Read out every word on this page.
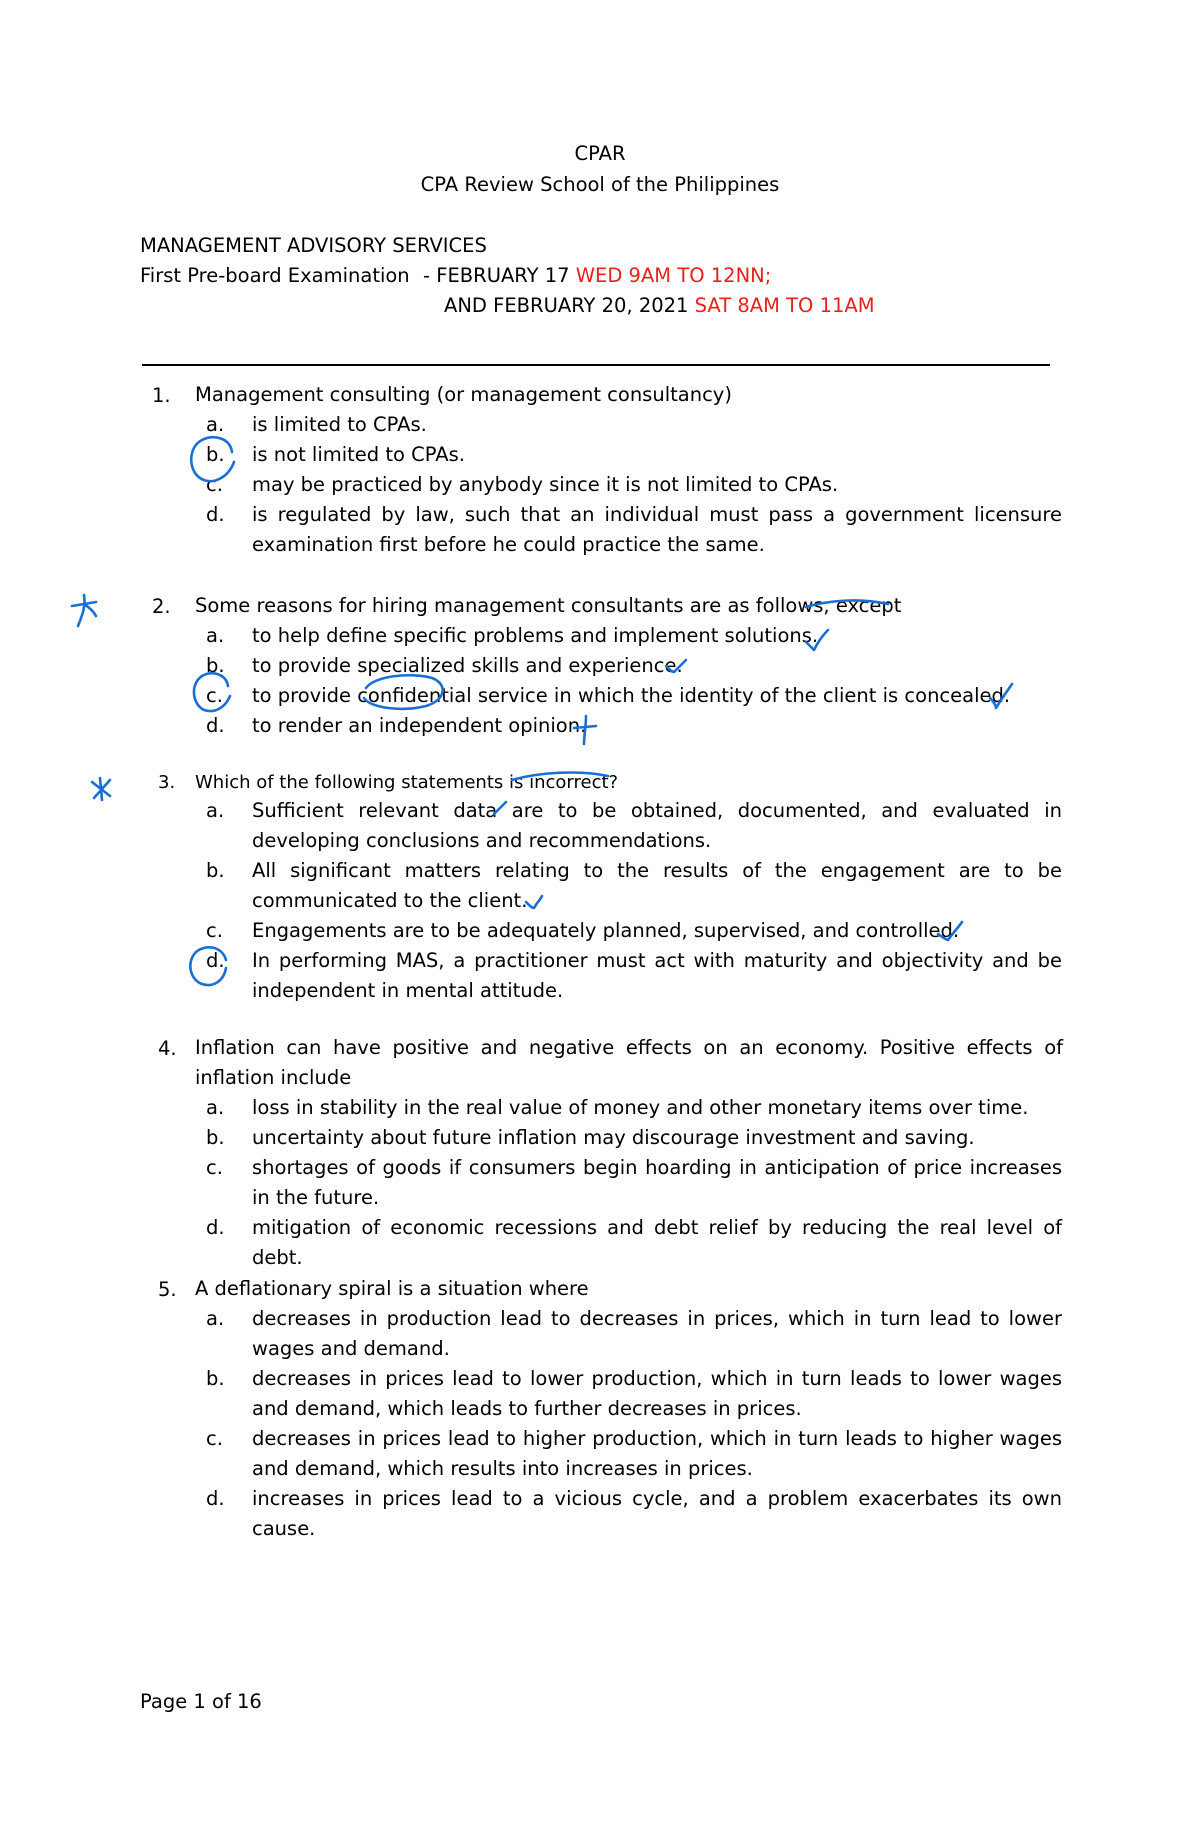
CPAR
CPA Review School of the Philippines
MANAGEMENT ADVISORY SERVICES
First Pre-board Examination - FEBRUARY 17 WED 9AM TO 12NN;
AND FEBRUARY 20, 2021 SAT 8AM TO 11AM
1. Management consulting (or management consultancy)
a. is limited to CPAs.
b. is not limited to CPAs.
c. may be practiced by anybody since it is not limited to CPAs.
d. is regulated by law, such that an individual must pass a government licensure examination first before he could practice the same.
2. Some reasons for hiring management consultants are as follows, except
a. to help define specific problems and implement solutions.
b. to provide specialized skills and experience.
c. to provide confidential service in which the identity of the client is concealed.
d. to render an independent opinion.
3. Which of the following statements is incorrect?
a. Sufficient relevant data are to be obtained, documented, and evaluated in developing conclusions and recommendations.
b. All significant matters relating to the results of the engagement are to be communicated to the client.
c. Engagements are to be adequately planned, supervised, and controlled.
d. In performing MAS, a practitioner must act with maturity and objectivity and be independent in mental attitude.
4. Inflation can have positive and negative effects on an economy. Positive effects of inflation include
a. loss in stability in the real value of money and other monetary items over time.
b. uncertainty about future inflation may discourage investment and saving.
c. shortages of goods if consumers begin hoarding in anticipation of price increases in the future.
d. mitigation of economic recessions and debt relief by reducing the real level of debt.
5. A deflationary spiral is a situation where
a. decreases in production lead to decreases in prices, which in turn lead to lower wages and demand.
b. decreases in prices lead to lower production, which in turn leads to lower wages and demand, which leads to further decreases in prices.
c. decreases in prices lead to higher production, which in turn leads to higher wages and demand, which results into increases in prices.
d. increases in prices lead to a vicious cycle, and a problem exacerbates its own cause.
Page 1 of 16
